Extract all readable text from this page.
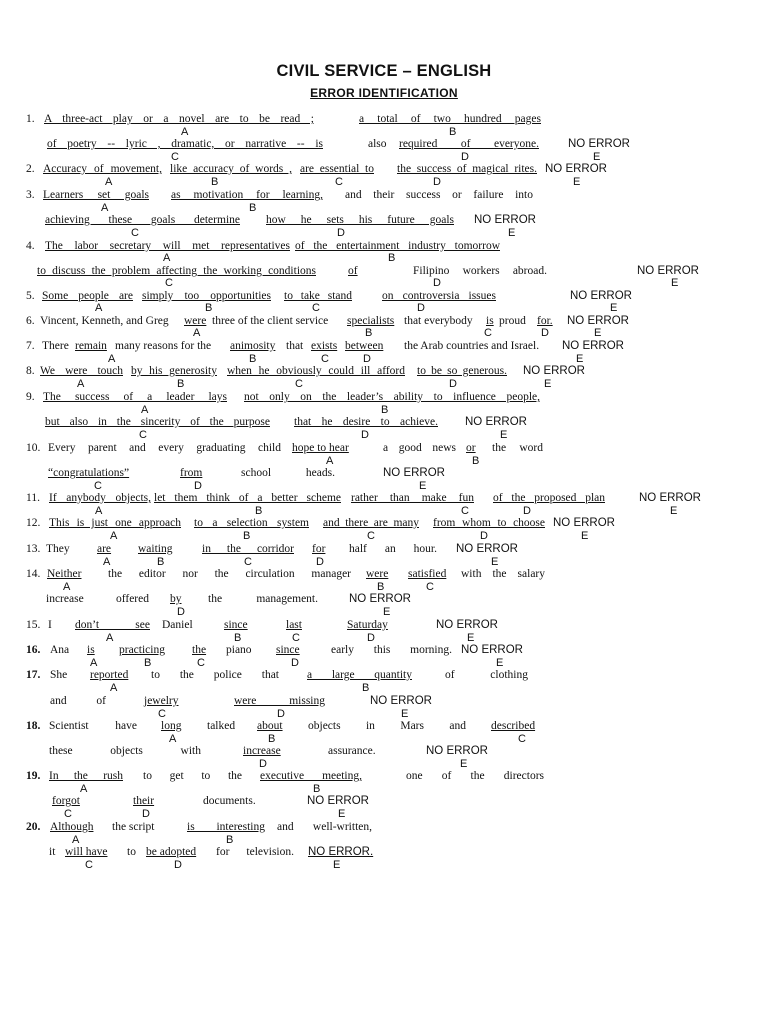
CIVIL SERVICE – ENGLISH
ERROR IDENTIFICATION
1. A three-act play or a novel are to be read ;	a total of two hundred pages
A	B
of poetry -- lyric , dramatic, or narrative -- is	also required of everyone.	NO ERROR
C	D	E
2. Accuracy of movement, like accuracy of words , are essential to the success of magical rites. NO ERROR
A	B	C	D	E
3. Learners set goals as motivation for learning, and their success or failure into
A	B
achieving these goals determine how he sets his future goals NO ERROR
C	D	E
4. The labor secretary will met representatives of the entertainment industry tomorrow
A	B
to discuss the problem affecting the working conditions	of	Filipino workers abroad.	NO ERROR
C	D	E
5. Some people are simply too opportunities to take stand	on controversia issues	NO ERROR
A	B	C	D	E
6. Vincent, Kenneth, and Greg were three of the client service specialists that everybody is proud for. NO ERROR
A	B	C	D	E
7. There remain many reasons for the animosity that exists between the Arab countries and Israel. NO ERROR
A	B	C	D	E
8. We were touch by his generosity when he obviously could ill afford to be so generous. NO ERROR
A	B	C	D	E
9. The success of a leader lays not only on the leader’s ability to influence people,
A	B
but also in the sincerity of the purpose that he desire to achieve. NO ERROR
C	D	E
10. Every parent and every graduating child hope to hear	a good news or the word
A	B
“congratulations”	from	school heads.	NO ERROR
C	D	E
11. If anybody objects, let them think of a better scheme rather than make fun of the proposed plan	NO ERROR
A	B	C	D	E
12. This is just one approach to a selection system and there are many from whom to choose NO ERROR
A	B	C	D	E
13. They are waiting	in the corridor for half an hour. NO ERROR
A	B	C	D	E
14. Neither the editor nor the circulation manager were satisfied with the salary
A	B	C
increase offered by the management.	NO ERROR
D	E
15. I don’t see Daniel	since	last	Saturday	NO ERROR
A	B	C	D	E
16. Ana is practicing the piano since	early this morning. NO ERROR
A	B	C	D	E
17. She reported to the police that a large quantity	of clothing
A	B
and of	jewelry	were missing	NO ERROR
C	D	E
18. Scientist have long talked about objects in Mars and described
A	B	C
these objects with	increase	assurance.	NO ERROR
D	E
19. In the rush to get to the executive meeting,	one of the directors
A	B
forgot	their	documents.	NO ERROR
C	D	E
20. Although the script	is interesting and well-written,
A	B
it will have to be adopted for television. NO ERROR.
C	D	E
